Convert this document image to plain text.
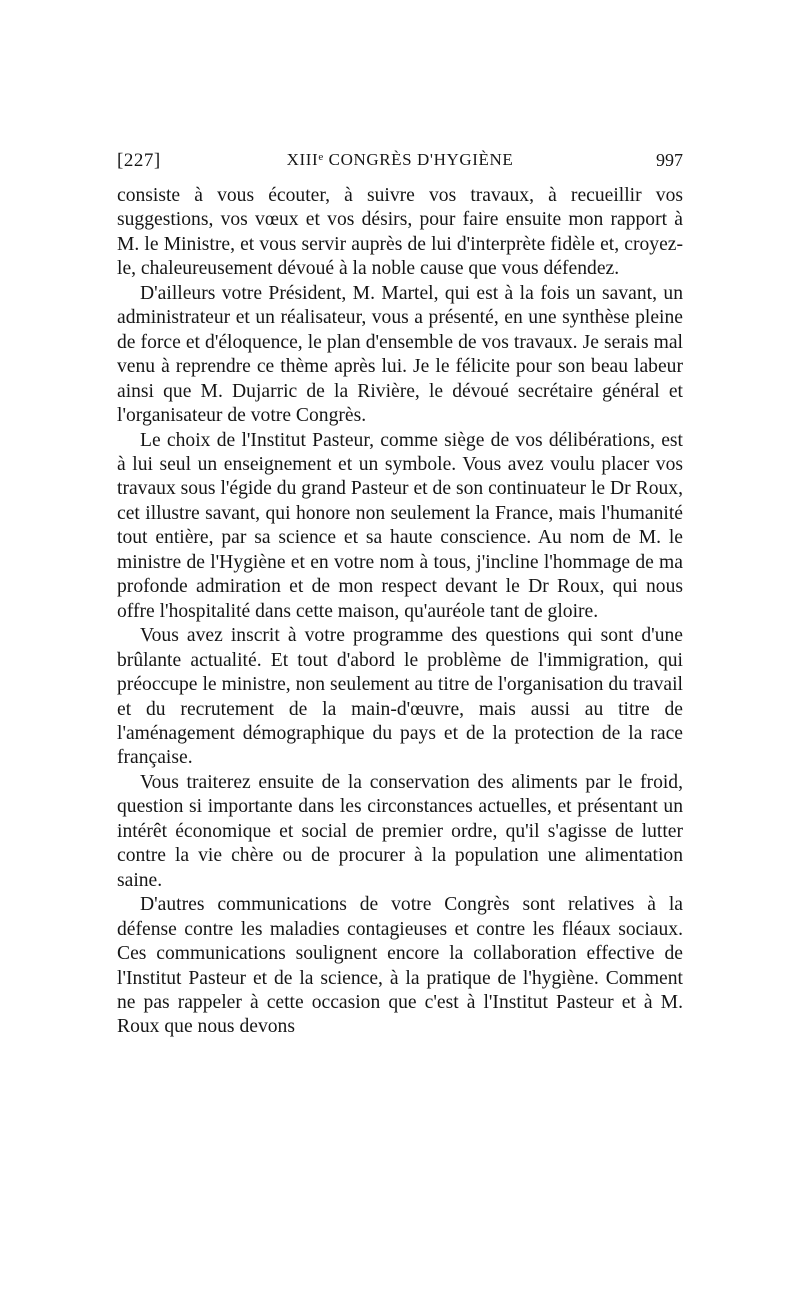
[227]	XIIIe CONGRÈS D'HYGIÈNE	997

consiste à vous écouter, à suivre vos travaux, à recueillir vos suggestions, vos vœux et vos désirs, pour faire ensuite mon rapport à M. le Ministre, et vous servir auprès de lui d'interprète fidèle et, croyez-le, chaleureusement dévoué à la noble cause que vous défendez.

D'ailleurs votre Président, M. Martel, qui est à la fois un savant, un administrateur et un réalisateur, vous a présenté, en une synthèse pleine de force et d'éloquence, le plan d'ensemble de vos travaux. Je serais mal venu à reprendre ce thème après lui. Je le félicite pour son beau labeur ainsi que M. Dujarric de la Rivière, le dévoué secrétaire général et l'organisateur de votre Congrès.

Le choix de l'Institut Pasteur, comme siège de vos délibérations, est à lui seul un enseignement et un symbole. Vous avez voulu placer vos travaux sous l'égide du grand Pasteur et de son continuateur le Dr Roux, cet illustre savant, qui honore non seulement la France, mais l'humanité tout entière, par sa science et sa haute conscience. Au nom de M. le ministre de l'Hygiène et en votre nom à tous, j'incline l'hommage de ma profonde admiration et de mon respect devant le Dr Roux, qui nous offre l'hospitalité dans cette maison, qu'auréole tant de gloire.

Vous avez inscrit à votre programme des questions qui sont d'une brûlante actualité. Et tout d'abord le problème de l'immigration, qui préoccupe le ministre, non seulement au titre de l'organisation du travail et du recrutement de la main-d'œuvre, mais aussi au titre de l'aménagement démographique du pays et de la protection de la race française.

Vous traiterez ensuite de la conservation des aliments par le froid, question si importante dans les circonstances actuelles, et présentant un intérêt économique et social de premier ordre, qu'il s'agisse de lutter contre la vie chère ou de procurer à la population une alimentation saine.

D'autres communications de votre Congrès sont relatives à la défense contre les maladies contagieuses et contre les fléaux sociaux. Ces communications soulignent encore la collaboration effective de l'Institut Pasteur et de la science, à la pratique de l'hygiène. Comment ne pas rappeler à cette occasion que c'est à l'Institut Pasteur et à M. Roux que nous devons
